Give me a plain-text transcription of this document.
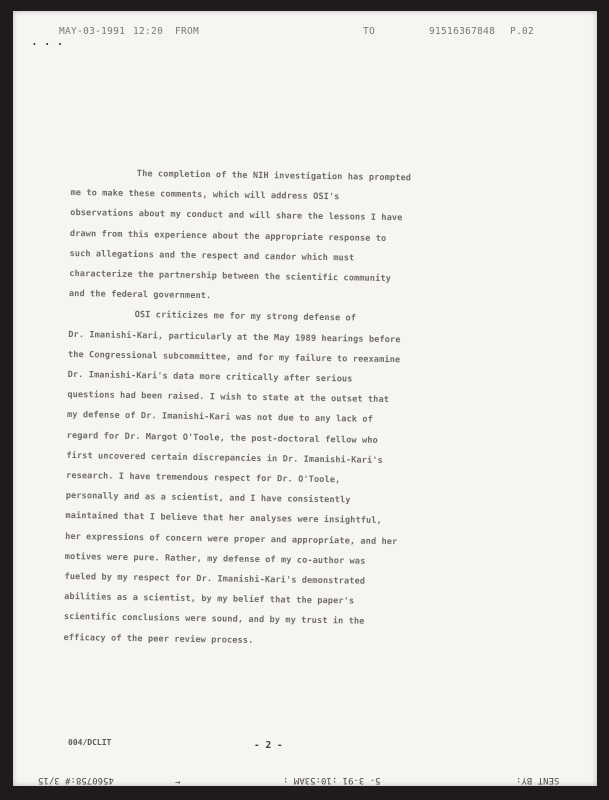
MAY-03-1991 12:20 FROM	TO	91516367848 P.02
•••
The completion of the NIH investigation has prompted
me to make these comments, which will address OSI's
observations about my conduct and will share the lessons I have
drawn from this experience about the appropriate response to
such allegations and the respect and candor which must
characterize the partnership between the scientific community
and the federal government.
OSI criticizes me for my strong defense of
Dr. Imanishi-Kari, particularly at the May 1989 hearings before
the Congressional subcommittee, and for my failure to reexamine
Dr. Imanishi-Kari's data more critically after serious
questions had been raised. I wish to state at the outset that
my defense of Dr. Imanishi-Kari was not due to any lack of
regard for Dr. Margot O'Toole, the post-doctoral fellow who
first uncovered certain discrepancies in Dr. Imanishi-Kari's
research. I have tremendous respect for Dr. O'Toole,
personally and as a scientist, and I have consistently
maintained that I believe that her analyses were insightful,
her expressions of concern were proper and appropriate, and her
motives were pure. Rather, my defense of my co-author was
fueled by my respect for Dr. Imanishi-Kari's demonstrated
abilities as a scientist, by my belief that the paper's
scientific conclusions were sound, and by my trust in the
efficacy of the peer review process.
004/DCLIT	- 2 -
4560758:# 3/15	←	5- 3-91 :10:53AM :	SENT BY:
